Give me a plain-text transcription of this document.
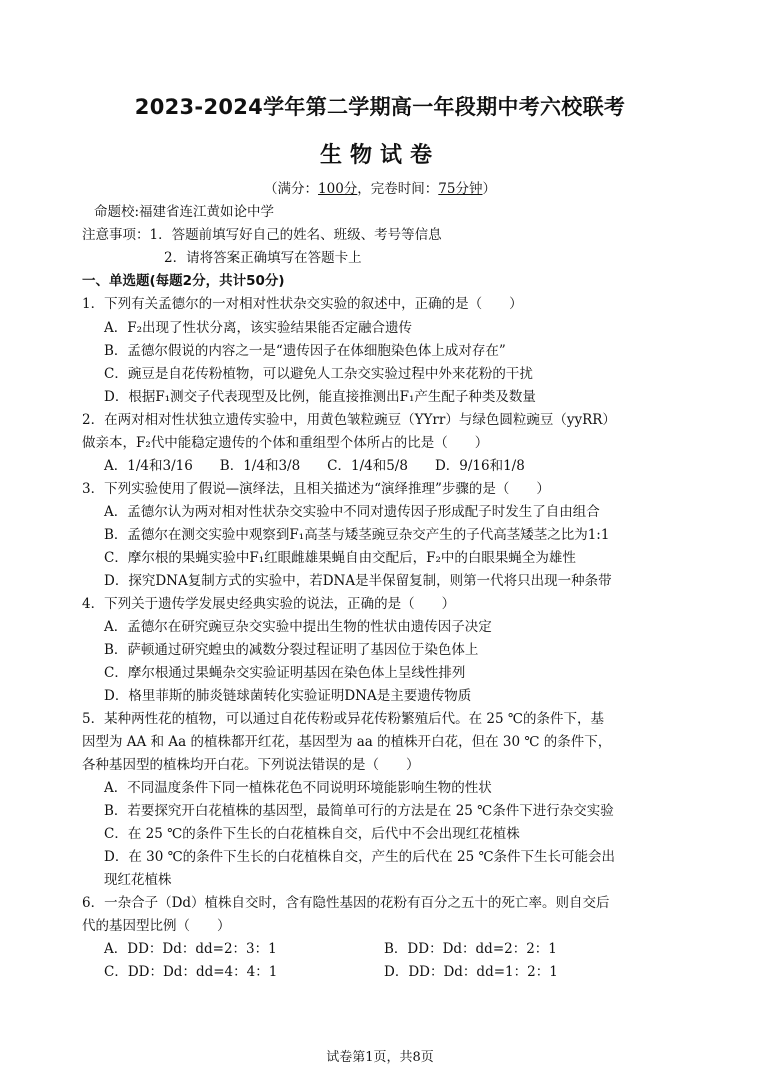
2023-2024学年第二学期高一年段期中考六校联考
生物试卷
（满分：100分，完卷时间：75分钟）
命题校:福建省连江黄如论中学
注意事项：1．答题前填写好自己的姓名、班级、考号等信息
2．请将答案正确填写在答题卡上
一、单选题(每题2分，共计50分)
1．下列有关孟德尔的一对相对性状杂交实验的叙述中，正确的是（　　）
A．F₂出现了性状分离，该实验结果能否定融合遗传
B．孟德尔假说的内容之一是“遗传因子在体细胞染色体上成对存在”
C．豌豆是自花传粉植物，可以避免人工杂交实验过程中外来花粉的干扰
D．根据F₁测交子代表现型及比例，能直接推测出F₁产生配子种类及数量
2．在两对相对性状独立遗传实验中，用黄色皱粒豌豆（YYrr）与绿色圆粒豌豆（yyRR）
做亲本，F₂代中能稳定遗传的个体和重组型个体所占的比是（　　）
A．1/4和3/16　　B．1/4和3/8　　C．1/4和5/8　　D．9/16和1/8
3．下列实验使用了假说—演绎法，且相关描述为“演绎推理”步骤的是（　　）
A．孟德尔认为两对相对性状杂交实验中不同对遗传因子形成配子时发生了自由组合
B．孟德尔在测交实验中观察到F₁高茎与矮茎豌豆杂交产生的子代高茎矮茎之比为1:1
C．摩尔根的果蝇实验中F₁红眼雌雄果蝇自由交配后，F₂中的白眼果蝇全为雄性
D．探究DNA复制方式的实验中，若DNA是半保留复制，则第一代将只出现一种条带
4．下列关于遗传学发展史经典实验的说法，正确的是（　　）
A．孟德尔在研究豌豆杂交实验中提出生物的性状由遗传因子决定
B．萨顿通过研究蝗虫的减数分裂过程证明了基因位于染色体上
C．摩尔根通过果蝇杂交实验证明基因在染色体上呈线性排列
D．格里菲斯的肺炎链球菌转化实验证明DNA是主要遗传物质
5．某种两性花的植物，可以通过自花传粉或异花传粉繁殖后代。在 25 ℃的条件下，基
因型为 AA 和 Aa 的植株都开红花，基因型为 aa 的植株开白花，但在 30 ℃ 的条件下，
各种基因型的植株均开白花。下列说法错误的是（　　）
A．不同温度条件下同一植株花色不同说明环境能影响生物的性状
B．若要探究开白花植株的基因型，最简单可行的方法是在 25 ℃条件下进行杂交实验
C．在 25 ℃的条件下生长的白花植株自交，后代中不会出现红花植株
D．在 30 ℃的条件下生长的白花植株自交，产生的后代在 25 ℃条件下生长可能会出
现红花植株
6．一杂合子（Dd）植株自交时，含有隐性基因的花粉有百分之五十的死亡率。则自交后
代的基因型比例（　　）
A．DD：Dd：dd=2：3：1	B．DD：Dd：dd=2：2：1
C．DD：Dd：dd=4：4：1	D．DD：Dd：dd=1：2：1
试卷第1页，共8页
